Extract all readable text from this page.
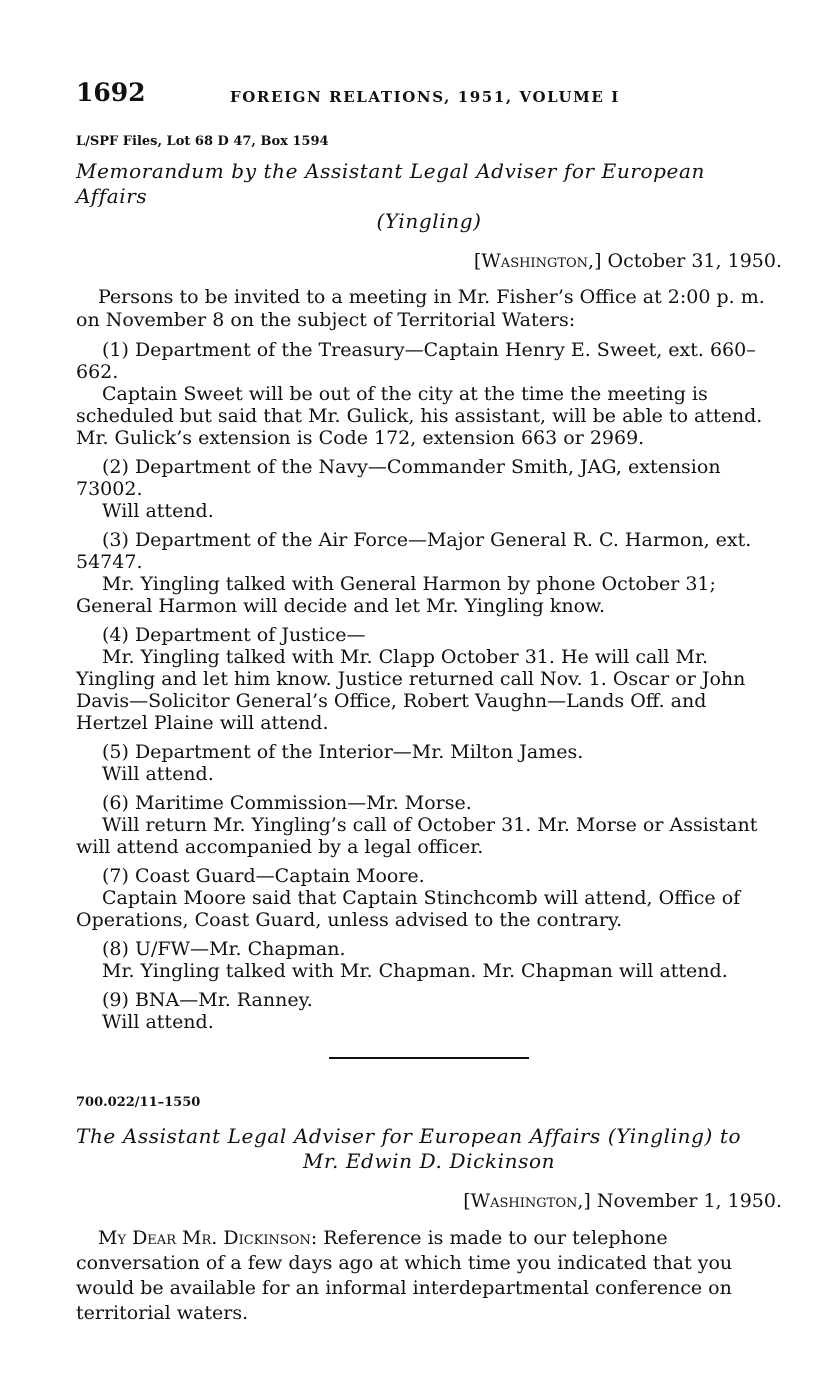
1692	FOREIGN RELATIONS, 1951, VOLUME I
L/SPF Files, Lot 68 D 47, Box 1594
Memorandum by the Assistant Legal Adviser for European Affairs
(Yingling)
[Washington,] October 31, 1950.
Persons to be invited to a meeting in Mr. Fisher’s Office at 2:00 p. m. on November 8 on the subject of Territorial Waters:
(1) Department of the Treasury—Captain Henry E. Sweet, ext. 660–662.
Captain Sweet will be out of the city at the time the meeting is scheduled but said that Mr. Gulick, his assistant, will be able to attend. Mr. Gulick’s extension is Code 172, extension 663 or 2969.
(2) Department of the Navy—Commander Smith, JAG, extension 73002.
Will attend.
(3) Department of the Air Force—Major General R. C. Harmon, ext. 54747.
Mr. Yingling talked with General Harmon by phone October 31; General Harmon will decide and let Mr. Yingling know.
(4) Department of Justice—
Mr. Yingling talked with Mr. Clapp October 31. He will call Mr. Yingling and let him know. Justice returned call Nov. 1. Oscar or John Davis—Solicitor General’s Office, Robert Vaughn—Lands Off. and Hertzel Plaine will attend.
(5) Department of the Interior—Mr. Milton James.
Will attend.
(6) Maritime Commission—Mr. Morse.
Will return Mr. Yingling’s call of October 31. Mr. Morse or Assistant will attend accompanied by a legal officer.
(7) Coast Guard—Captain Moore.
Captain Moore said that Captain Stinchcomb will attend, Office of Operations, Coast Guard, unless advised to the contrary.
(8) U/FW—Mr. Chapman.
Mr. Yingling talked with Mr. Chapman. Mr. Chapman will attend.
(9) BNA—Mr. Ranney.
Will attend.
700.022/11–1550
The Assistant Legal Adviser for European Affairs (Yingling) to
Mr. Edwin D. Dickinson
[Washington,] November 1, 1950.
My Dear Mr. Dickinson: Reference is made to our telephone conversation of a few days ago at which time you indicated that you would be available for an informal interdepartmental conference on territorial waters.
